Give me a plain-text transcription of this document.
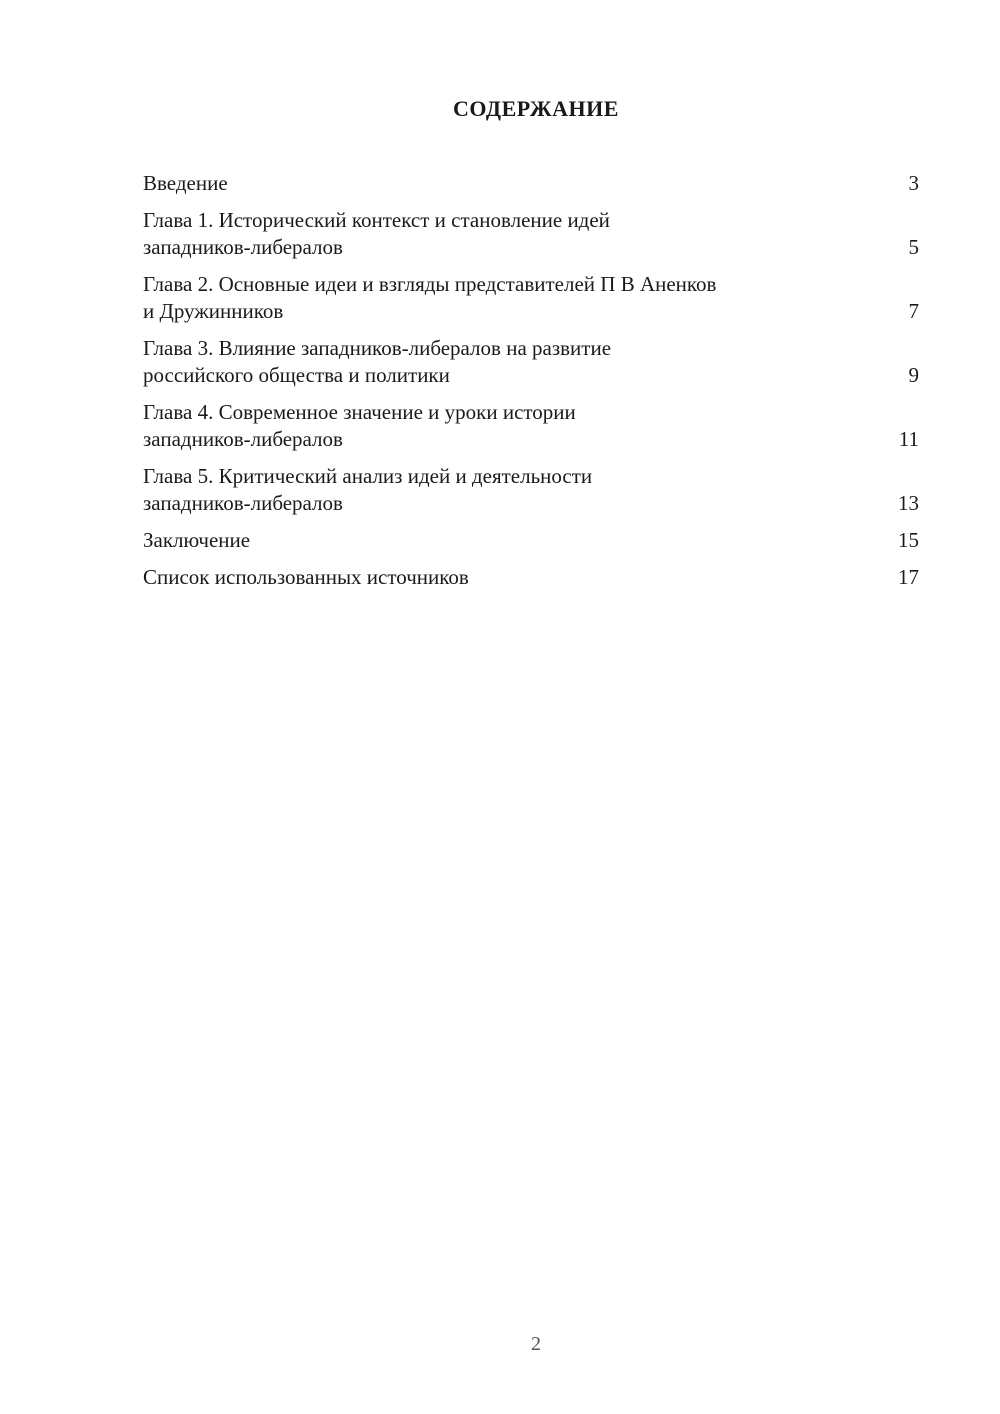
СОДЕРЖАНИЕ
Введение	3
Глава 1. Исторический контекст и становление идей
западников-либералов	5
Глава 2. Основные идеи и взгляды представителей П В Аненков
и Дружинников	7
Глава 3. Влияние западников-либералов на развитие
российского общества и политики	9
Глава 4. Современное значение и уроки истории
западников-либералов	11
Глава 5. Критический анализ идей и деятельности
западников-либералов	13
Заключение	15
Список использованных источников	17
2
